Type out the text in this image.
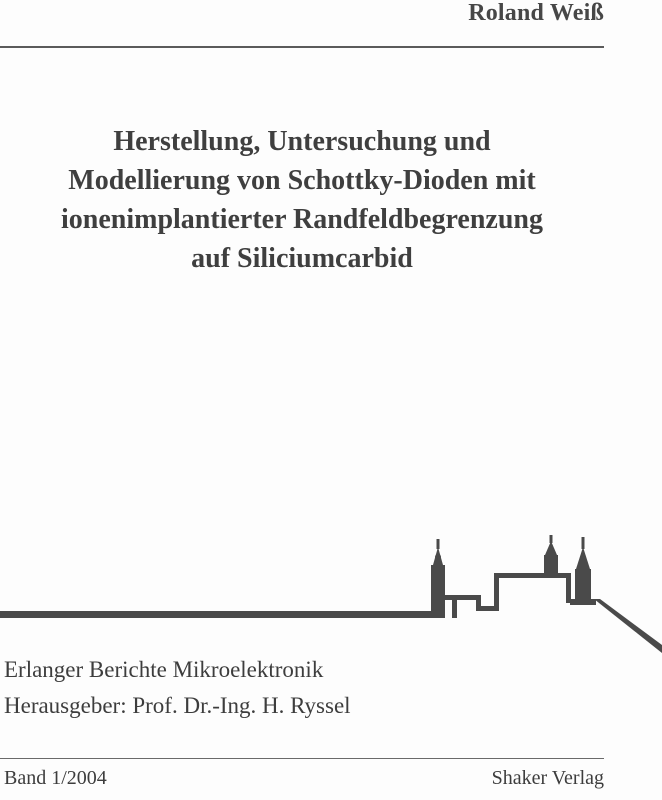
Roland Weiß
Herstellung, Untersuchung und
Modellierung von Schottky-Dioden mit
ionenimplantierter Randfeldbegrenzung
auf Siliciumcarbid
Erlanger Berichte Mikroelektronik
Herausgeber: Prof. Dr.-Ing. H. Ryssel
Band 1/2004	Shaker Verlag
